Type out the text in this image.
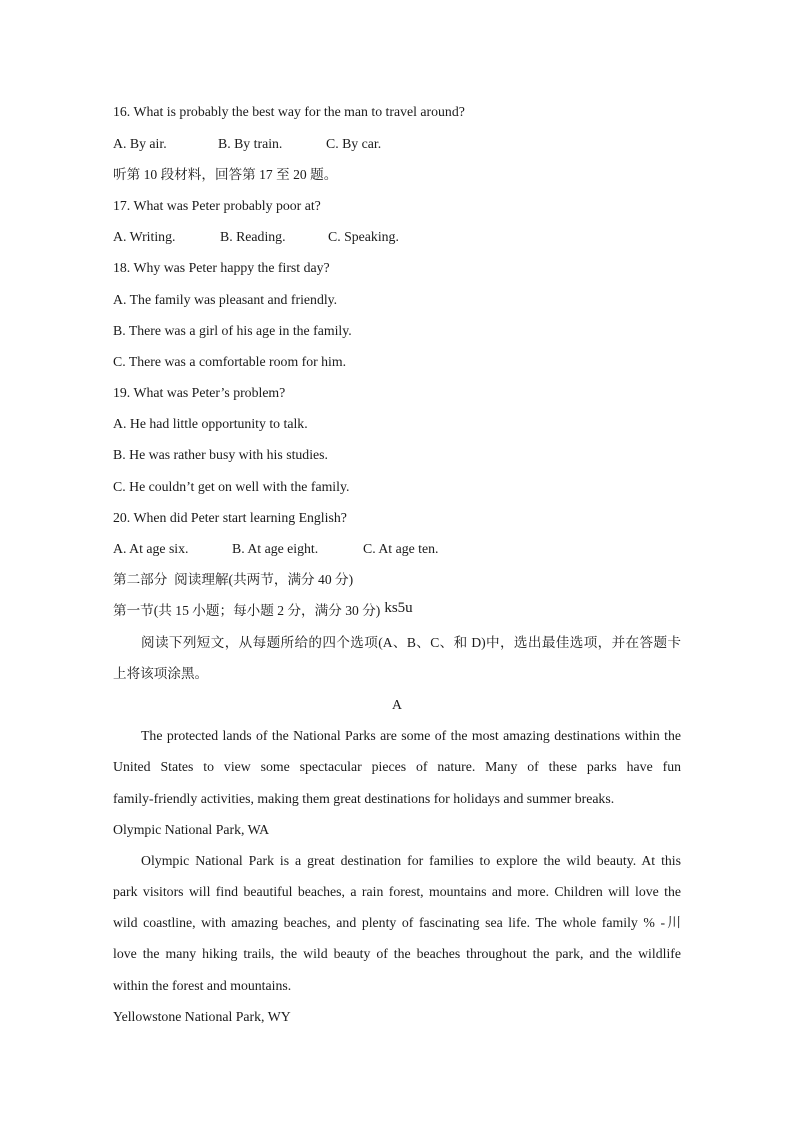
16. What is probably the best way for the man to travel around?
A. By air.	B. By train.	C. By car.
听第 10 段材料，回答第 17 至 20 题。
17. What was Peter probably poor at?
A. Writing.	B. Reading.	C. Speaking.
18. Why was Peter happy the first day?
A. The family was pleasant and friendly.
B. There was a girl of his age in the family.
C. There was a comfortable room for him.
19. What was Peter’s problem?
A. He had little opportunity to talk.
B. He was rather busy with his studies.
C. He couldn’t get on well with the family.
20. When did Peter start learning English?
A. At age six.	B. At age eight.	C. At age ten.
第二部分  阅读理解(共两节，满分 40 分)
第一节(共 15 小题；每小题 2 分，满分 30 分) ks5u
阅读下列短文，从每题所给的四个选项(A、B、C、和 D)中，选出最佳选项，并在答题卡
上将该项涂黑。
A
The protected lands of the National Parks are some of the most amazing destinations within the
United States to view some spectacular pieces of nature. Many of these parks have fun
family-friendly activities, making them great destinations for holidays and summer breaks.
Olympic National Park, WA
Olympic National Park is a great destination for families to explore the wild beauty. At this
park visitors will find beautiful beaches, a rain forest, mountains and more. Children will love the
wild coastline, with amazing beaches, and plenty of fascinating sea life. The whole family % -川
love the many hiking trails, the wild beauty of the beaches throughout the park, and the wildlife
within the forest and mountains.
Yellowstone National Park, WY
